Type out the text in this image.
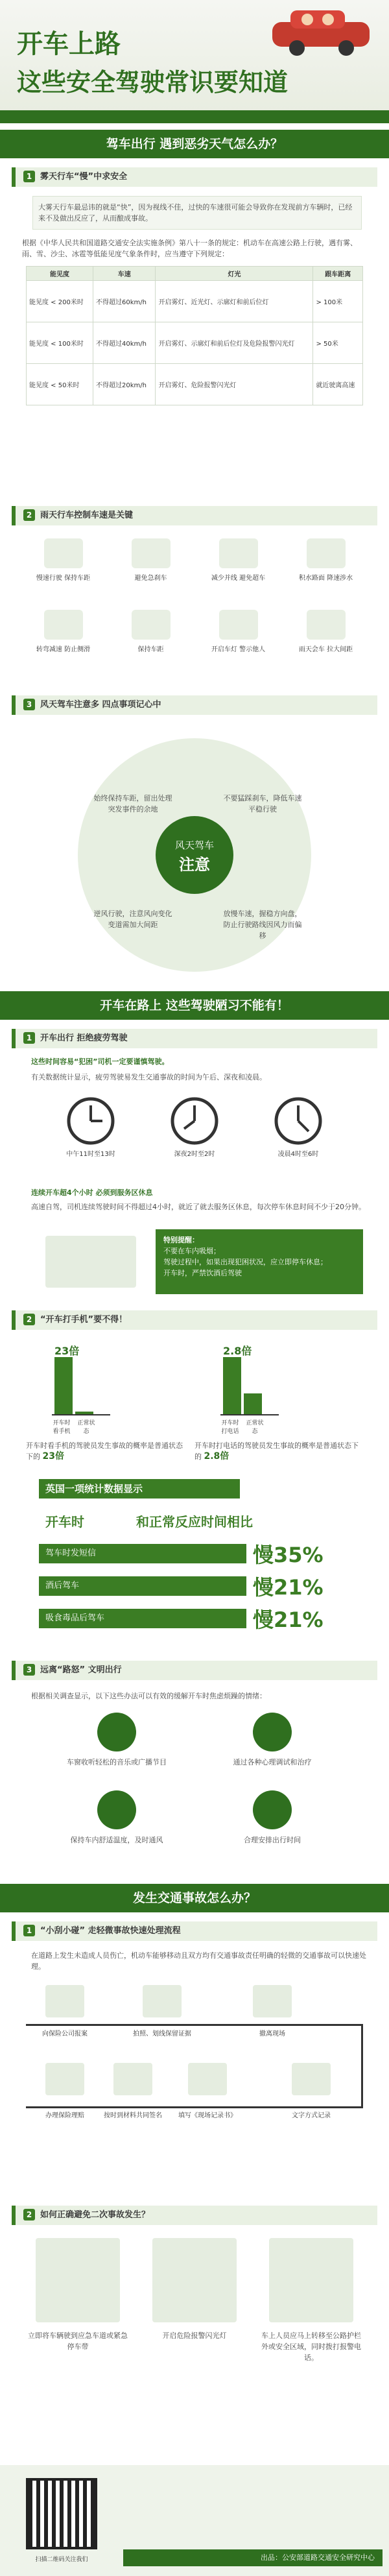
开车上路
这些安全驾驶常识要知道
驾车出行 遇到恶劣天气怎么办？
1 雾天行车“慢”中求安全
大雾天行车最忌讳的就是“快”，因为视线不佳，过快的车速很可能会导致你在发现前方车辆时，已经来不及做出反应了，从而酿成事故。
根据《中华人民共和国道路交通安全法实施条例》第八十一条的规定：机动车在高速公路上行驶，遇有雾、雨、雪、沙尘、冰雹等低能见度气象条件时，应当遵守下列规定：
能见度	车速	灯光	跟车距离
能见度 < 200米时	不得超过60km/h	开启雾灯、近光灯、示廓灯和前后位灯	> 100米
能见度 < 100米时	不得超过40km/h	开启雾灯、示廓灯和前后位灯及危险报警闪光灯	> 50米
能见度 < 50米时	不得超过20km/h	开启雾灯、危险报警闪光灯	就近驶离高速
2 雨天行车控制车速是关键
慢速行驶 保持车距	避免急刹车	减少并线 避免超车	积水路面 降速涉水
转弯减速 防止侧滑	保持车距	开启车灯 警示他人	雨天会车 拉大间距
3 风天驾车注意多 四点事项记心中
风天驾车
注意
始终保持车距，留出处理突发事件的余地
不要猛踩刹车，降低车速平稳行驶
逆风行驶，注意风向变化变道需加大间距
放慢车速，握稳方向盘，防止行驶路线因风力而偏移
开车在路上 这些驾驶陋习不能有！
1 开车出行 拒绝疲劳驾驶
这些时间容易“犯困”司机一定要谨慎驾驶。
有关数据统计显示，疲劳驾驶易发生交通事故的时间为午后、深夜和凌晨。
中午11时至13时	深夜2时至2时	凌晨4时至6时
连续开车超4个小时 必须到服务区休息
高速自驾，司机连续驾驶时间不得超过4小时，就近了就去服务区休息，每次停车休息时间不少于20分钟。
特别提醒：
不要在车内吸烟；
驾驶过程中，如果出现犯困状况，应立即停车休息；
开车时，严禁饮酒后驾驶
2 “开车打手机”要不得！
23倍
开车时看手机
正常状态
开车时看手机的驾驶员发生事故的概率是普通状态下的 23倍
2.8倍
开车时打电话
正常状态
开车时打电话的驾驶员发生事故的概率是普通状态下的 2.8倍
英国一项统计数据显示
开车时	和正常反应时间相比
驾车时发短信	慢35%
酒后驾车	慢21%
吸食毒品后驾车	慢21%
3 远离“路怒” 文明出行
根据相关调查显示，以下这些办法可以有效的缓解开车时焦虑烦躁的情绪：
车窗收听轻松的音乐或广播节目	通过各种心理调试和治疗
保持车内舒适温度，及时通风	合理安排出行时间
发生交通事故怎么办？
1 “小刮小碰” 走轻微事故快速处理流程
在道路上发生未造成人员伤亡，机动车能够移动且双方均有交通事故责任明确的轻微的交通事故可以快速处理。
向保险公司报案	拍照、划线保留证据	撤离现场
填写《现场记录书》	文字方式记录
办理保险理赔	按时到材料共同签名
2 如何正确避免二次事故发生？
立即将车辆驶到应急车道或紧急停车带
开启危险报警闪光灯	车上人员应马上转移至公路护栏外或安全区域，同时拨打报警电话。
扫描二维码关注我们	出品：公安部道路交通安全研究中心
